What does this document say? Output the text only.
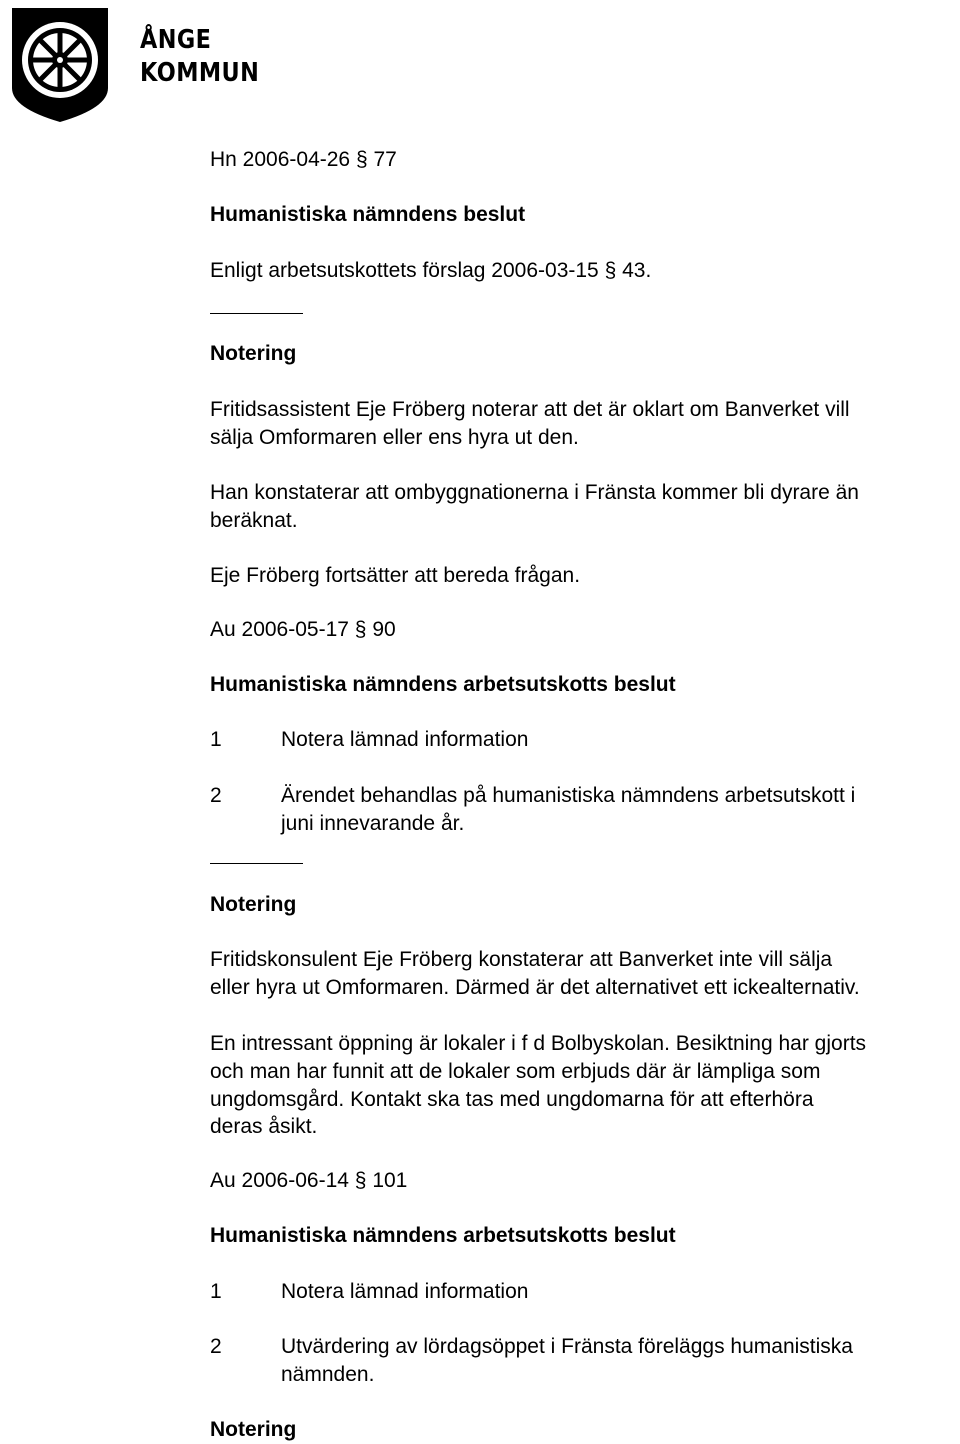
ÅNGE
KOMMUN
Hn 2006-04-26 § 77
Humanistiska nämndens beslut
Enligt arbetsutskottets förslag 2006-03-15 § 43.
Notering
Fritidsassistent Eje Fröberg noterar att det är oklart om Banverket vill
sälja Omformaren eller ens hyra ut den.
Han konstaterar att ombyggnationerna i Fränsta kommer bli dyrare än
beräknat.
Eje Fröberg fortsätter att bereda frågan.
Au 2006-05-17 § 90
Humanistiska nämndens arbetsutskotts beslut
1	Notera lämnad information
2	Ärendet behandlas på humanistiska nämndens arbetsutskott i
juni innevarande år.
Notering
Fritidskonsulent Eje Fröberg konstaterar att Banverket inte vill sälja
eller hyra ut Omformaren. Därmed är det alternativet ett ickealternativ.
En intressant öppning är lokaler i f d Bolbyskolan. Besiktning har gjorts
och man har funnit att de lokaler som erbjuds där är lämpliga som
ungdomsgård. Kontakt ska tas med ungdomarna för att efterhöra
deras åsikt.
Au 2006-06-14 § 101
Humanistiska nämndens arbetsutskotts beslut
1	Notera lämnad information
2	Utvärdering av lördagsöppet i Fränsta föreläggs humanistiska
nämnden.
Notering
